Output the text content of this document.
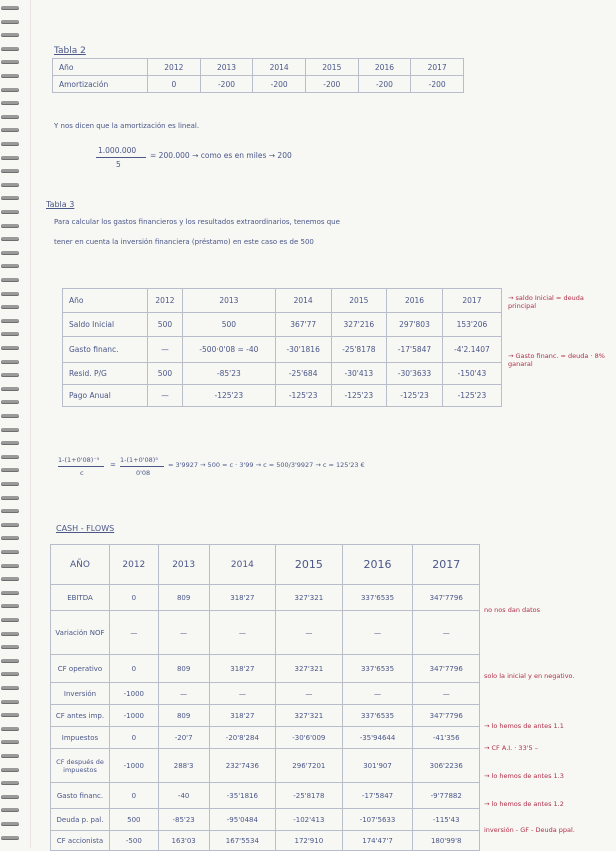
Tabla 2
Año	2012	2013	2014	2015	2016	2017
Amortización	0	-200	-200	-200	-200	-200
Y nos dicen que la amortización es lineal.
1.000.000
5
= 200.000 → como es en miles → 200
Tabla 3
Para calcular los gastos financieros y los resultados extraordinarios, tenemos que
tener en cuenta la inversión financiera (préstamo) en este caso es de 500
Año	2012	2013	2014	2015	2016	2017
Saldo Inicial	500	500	367'77	327'216	297'803	153'206
Gasto financ.	—	-500·0'08 = -40	-30'1816	-25'8178	-17'5847	-4'2.1407
Resid. P/G	500	-85'23	-25'684	-30'413	-30'3633	-150'43
Pago Anual	—	-125'23	-125'23	-125'23	-125'23	-125'23
→ saldo Inicial = deuda principal
→ Gasto financ. = deuda · 8% ganaral
1-(1+0'08)⁻⁵
c
=
1-(1+0'08)⁵
0'08
= 3'9927 → 500 = c · 3'99 → c = 500/3'9927 → c = 125'23 €
CASH - FLOWS
AÑO	2012	2013	2014	2015	2016	2017
EBITDA	0	809	318'27	327'321	337'6535	347'7796
Variación NOF	—	—	—	—	—	—
CF operativo	0	809	318'27	327'321	337'6535	347'7796
Inversión	-1000	—	—	—	—	—
CF antes imp.	-1000	809	318'27	327'321	337'6535	347'7796
Impuestos	0	-20'7	-20'8'284	-30'6'009	-35'94644	-41'356
CF después de impuestos	-1000	288'3	232'7436	296'7201	301'907	306'2236
Gasto financ.	0	-40	-35'1816	-25'8178	-17'5847	-9'77882
Deuda p. pal.	500	-85'23	-95'0484	-102'413	-107'5633	-115'43
CF accionista	-500	163'03	167'5534	172'910	174'47'7	180'99'8
no nos dan datos
solo la inicial y en negativo.
→ lo hemos de antes 1.1
→ CF A.I. · 33'5 –
→ lo hemos de antes 1.3
→ lo hemos de antes 1.2
inversión - GF - Deuda ppal.
